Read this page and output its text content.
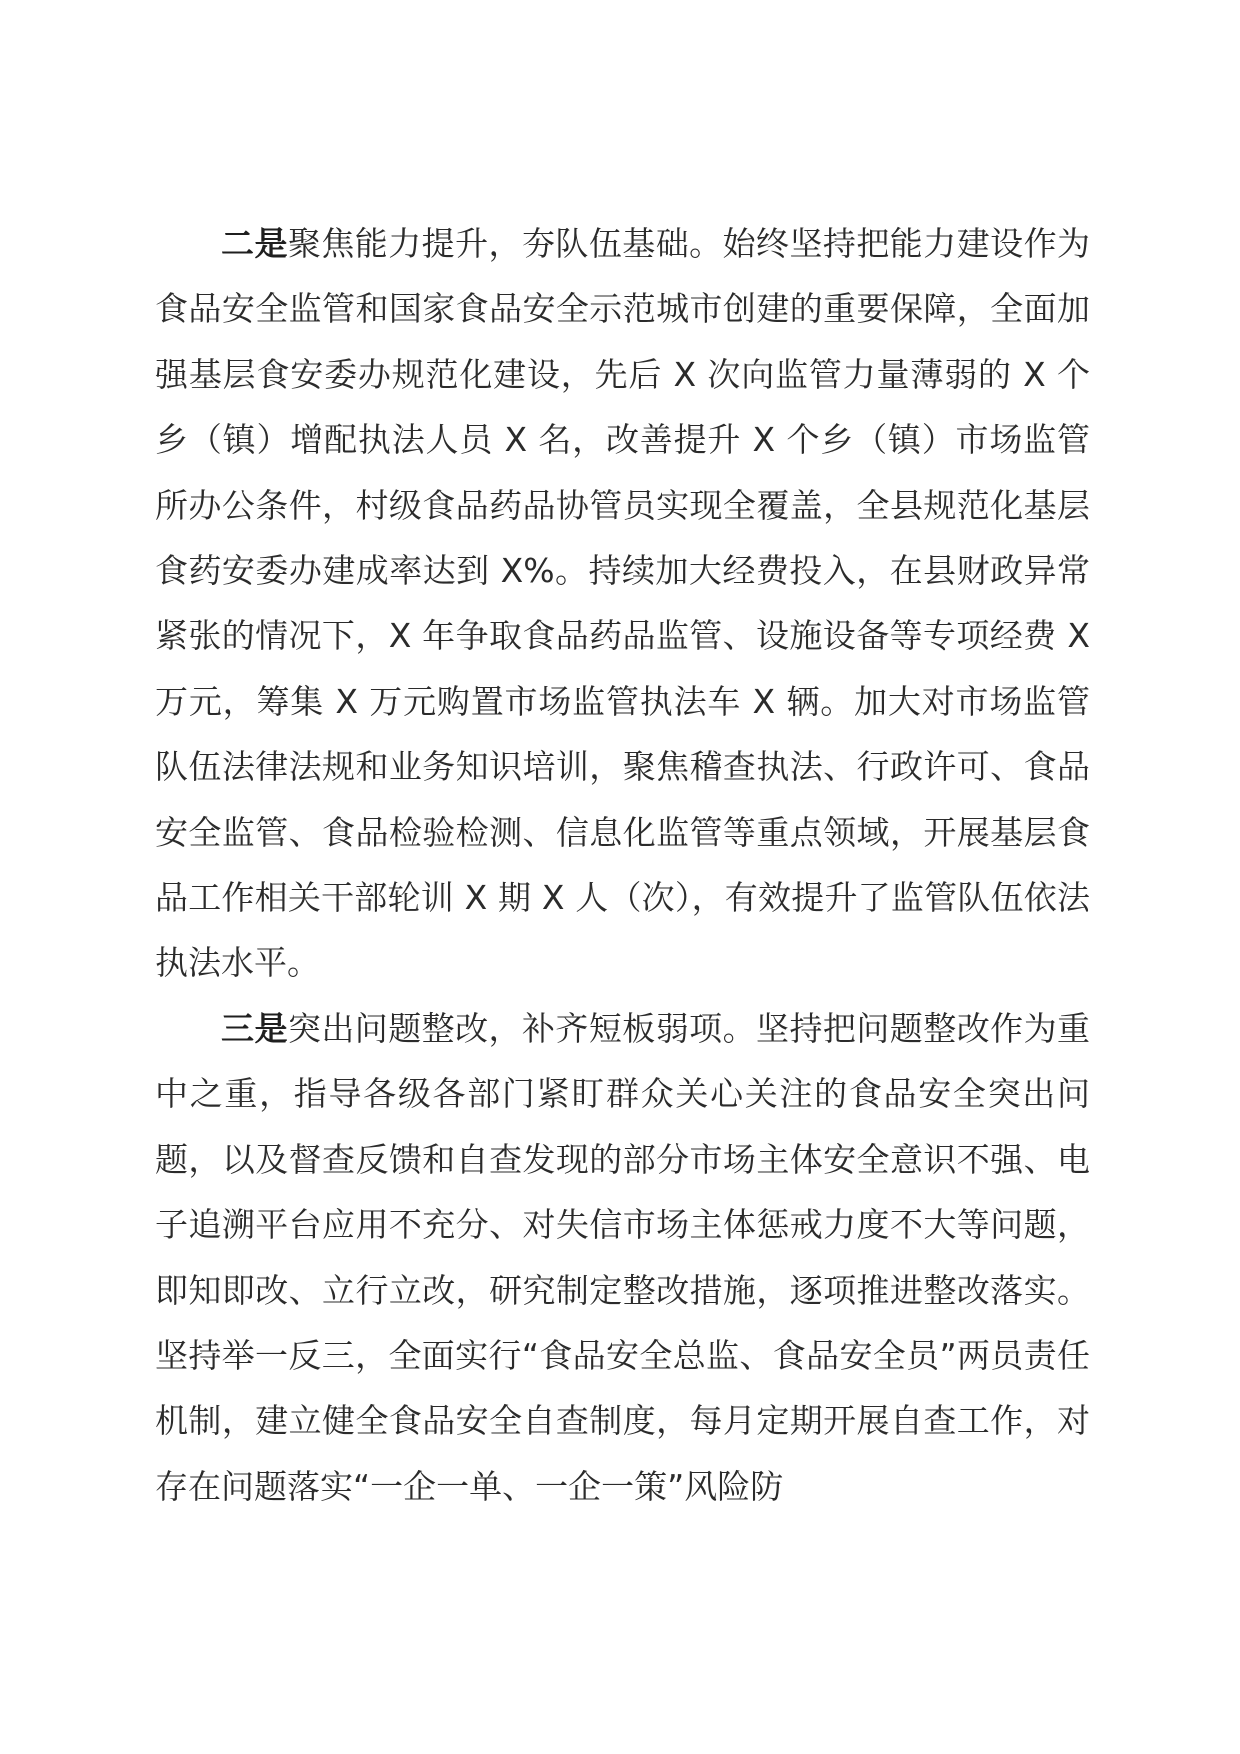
二是聚焦能力提升，夯队伍基础。始终坚持把能力建设作为食品安全监管和国家食品安全示范城市创建的重要保障，全面加强基层食安委办规范化建设，先后 X 次向监管力量薄弱的 X 个乡（镇）增配执法人员 X 名，改善提升 X 个乡（镇）市场监管所办公条件，村级食品药品协管员实现全覆盖，全县规范化基层食药安委办建成率达到 X%。持续加大经费投入，在县财政异常紧张的情况下，X 年争取食品药品监管、设施设备等专项经费 X 万元，筹集 X 万元购置市场监管执法车 X 辆。加大对市场监管队伍法律法规和业务知识培训，聚焦稽查执法、行政许可、食品安全监管、食品检验检测、信息化监管等重点领域，开展基层食品工作相关干部轮训 X 期 X 人（次），有效提升了监管队伍依法执法水平。

三是突出问题整改，补齐短板弱项。坚持把问题整改作为重中之重，指导各级各部门紧盯群众关心关注的食品安全突出问题，以及督查反馈和自查发现的部分市场主体安全意识不强、电子追溯平台应用不充分、对失信市场主体惩戒力度不大等问题，即知即改、立行立改，研究制定整改措施，逐项推进整改落实。坚持举一反三，全面实行“食品安全总监、食品安全员”两员责任机制，建立健全食品安全自查制度，每月定期开展自查工作，对存在问题落实“一企一单、一企一策”风险防
